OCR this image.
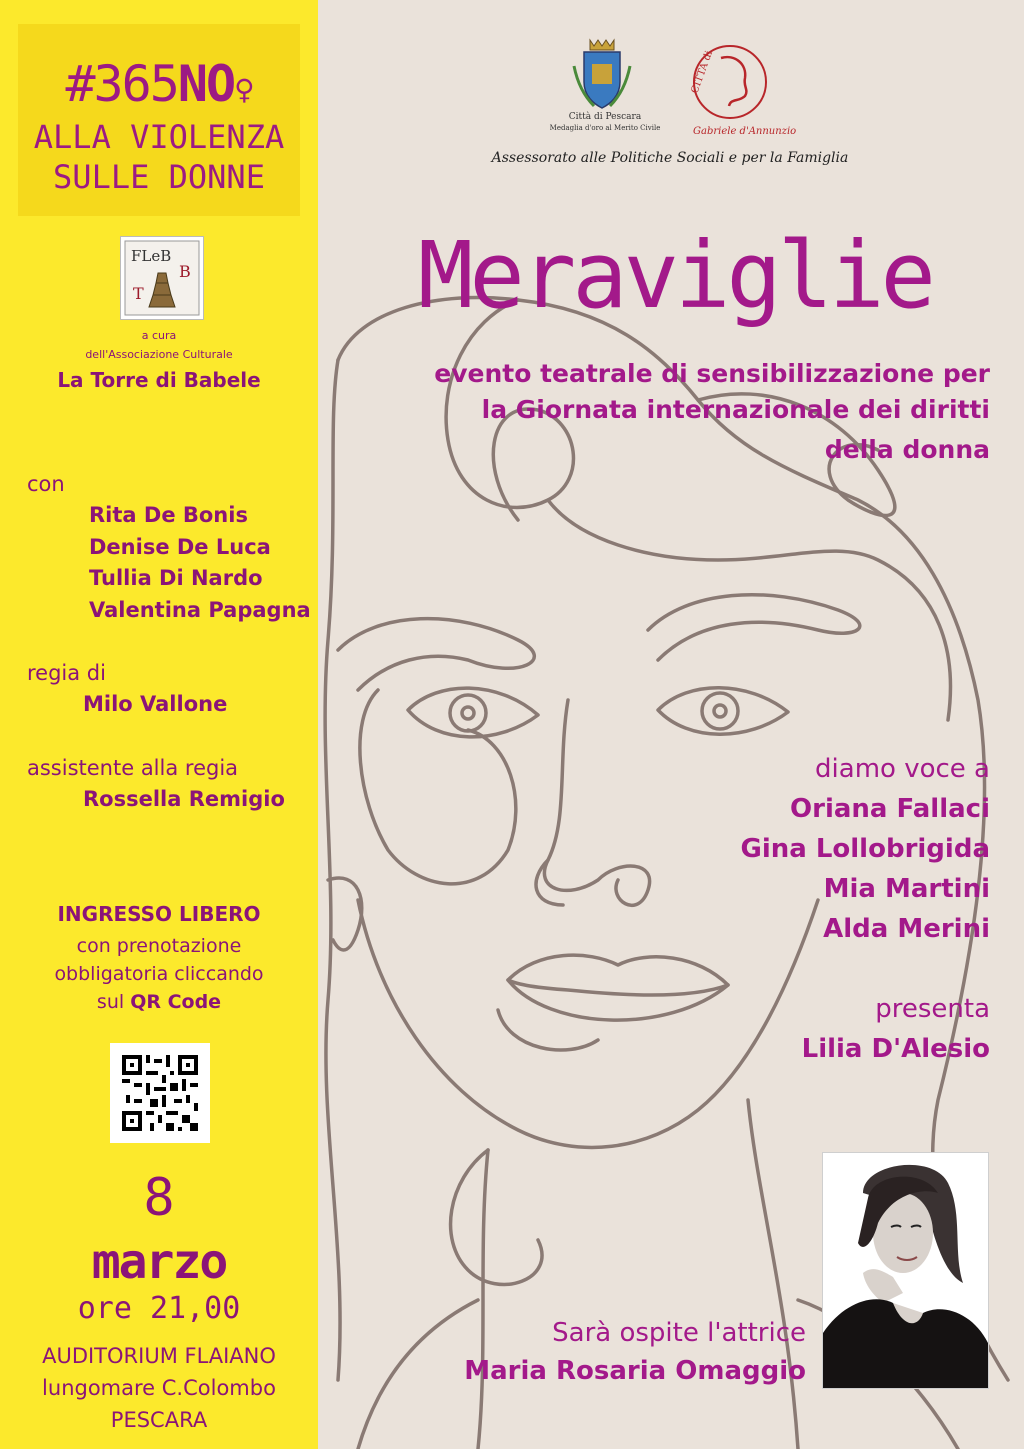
#365NO♀
ALLA VIOLENZA
SULLE DONNE
FLeB
B
T
a cura
dell'Associazione Culturale
La Torre di Babele
con
Rita De Bonis
Denise De Luca
Tullia Di Nardo
Valentina Papagna
regia di
Milo Vallone
assistente alla regia
Rossella Remigio
INGRESSO LIBERO
con prenotazione
obbligatoria cliccando
sul QR Code
8
marzo
ore 21,00
AUDITORIUM FLAIANO
lungomare C.Colombo
PESCARA
Città di Pescara
Medaglia d'oro al Merito Civile
CITTÀ di
Gabriele d'Annunzio
Assessorato alle Politiche Sociali e per la Famiglia
Meraviglie
evento teatrale di sensibilizzazione per
la Giornata internazionale dei diritti
della donna
diamo voce a
Oriana Fallaci
Gina Lollobrigida
Mia Martini
Alda Merini
presenta
Lilia D'Alesio
Sarà ospite l'attrice
Maria Rosaria Omaggio
